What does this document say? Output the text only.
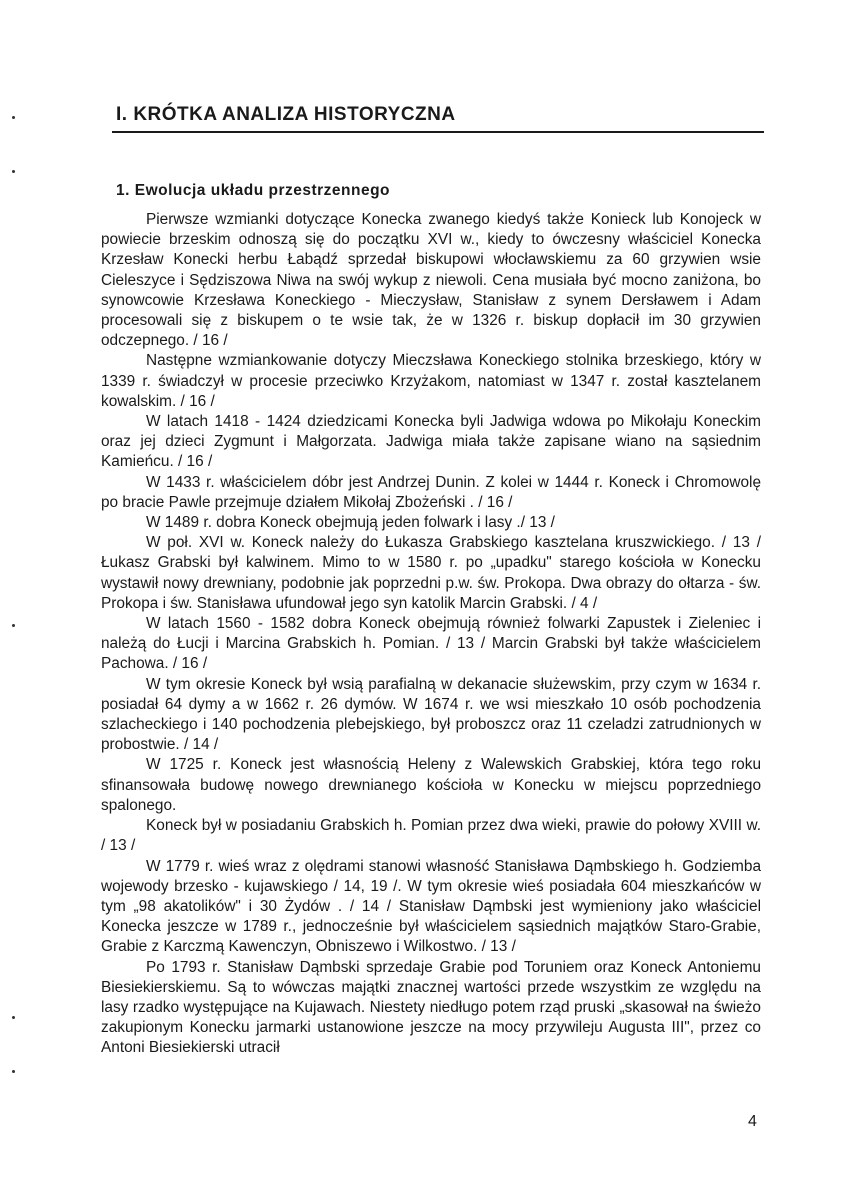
I. KRÓTKA ANALIZA HISTORYCZNA
1. Ewolucja układu przestrzennego

Pierwsze wzmianki dotyczące Konecka zwanego kiedyś także Konieck lub Konojeck w powiecie brzeskim odnoszą się do początku XVI w., kiedy to ówczesny właściciel Konecka Krzesław Konecki herbu Łabądź sprzedał biskupowi włocławskiemu za 60 grzywien wsie Cieleszyce i Sędziszowa Niwa na swój wykup z niewoli. Cena musiała być mocno zaniżona, bo synowcowie Krzesława Koneckiego - Mieczysław, Stanisław z synem Dersławem i Adam procesowali się z biskupem o te wsie tak, że w 1326 r. biskup dopłacił im 30 grzywien odczepnego. / 16 /

Następne wzmiankowanie dotyczy Mieczsława Koneckiego stolnika brzeskiego, który w 1339 r. świadczył w procesie przeciwko Krzyżakom, natomiast w 1347 r. został kasztelanem kowalskim. / 16 /

W latach 1418 - 1424 dziedzicami Konecka byli Jadwiga wdowa po Mikołaju Koneckim oraz jej dzieci Zygmunt i Małgorzata. Jadwiga miała także zapisane wiano na sąsiednim Kamieńcu. / 16 /

W 1433 r. właścicielem dóbr jest Andrzej Dunin. Z kolei w 1444 r. Koneck i Chromowolę po bracie Pawle przejmuje działem Mikołaj Zbożeński . / 16 /

W 1489 r. dobra Koneck obejmują jeden folwark i lasy ./ 13 /

W poł. XVI w. Koneck należy do Łukasza Grabskiego kasztelana kruszwickiego. / 13 / Łukasz Grabski był kalwinem. Mimo to w 1580 r. po „upadku" starego kościoła w Konecku wystawił nowy drewniany, podobnie jak poprzedni p.w. św. Prokopa. Dwa obrazy do ołtarza - św. Prokopa i św. Stanisława ufundował jego syn katolik Marcin Grabski. / 4 /

W latach 1560 - 1582 dobra Koneck obejmują również folwarki Zapustek i Zieleniec i należą do Łucji i Marcina Grabskich h. Pomian. / 13 / Marcin Grabski był także właścicielem Pachowa. / 16 /

W tym okresie Koneck był wsią parafialną w dekanacie służewskim, przy czym w 1634 r. posiadał 64 dymy a w 1662 r. 26 dymów. W 1674 r. we wsi mieszkało 10 osób pochodzenia szlacheckiego i 140 pochodzenia plebejskiego, był proboszcz oraz 11 czeladzi zatrudnionych w probostwie. / 14 /

W 1725 r. Koneck jest własnością Heleny z Walewskich Grabskiej, która tego roku sfinansowała budowę nowego drewnianego kościoła w Konecku w miejscu poprzedniego spalonego.

Koneck był w posiadaniu Grabskich h. Pomian przez dwa wieki, prawie do połowy XVIII w. / 13 /

W 1779 r. wieś wraz z olędrami stanowi własność Stanisława Dąmbskiego h. Godziemba wojewody brzesko - kujawskiego / 14, 19 /. W tym okresie wieś posiadała 604 mieszkańców w tym „98 akatolików" i 30 Żydów . / 14 / Stanisław Dąmbski jest wymieniony jako właściciel Konecka jeszcze w 1789 r., jednocześnie był właścicielem sąsiednich majątków Staro-Grabie, Grabie z Karczmą Kawenczyn, Obniszewo i Wilkostwo. / 13 /

Po 1793 r. Stanisław Dąmbski sprzedaje Grabie pod Toruniem oraz Koneck Antoniemu Biesiekierskiemu. Są to wówczas majątki znacznej wartości przede wszystkim ze względu na lasy rzadko występujące na Kujawach. Niestety niedługo potem rząd pruski „skasował na świeżo zakupionym Konecku jarmarki ustanowione jeszcze na mocy przywileju Augusta III", przez co Antoni Biesiekierski utracił

4
